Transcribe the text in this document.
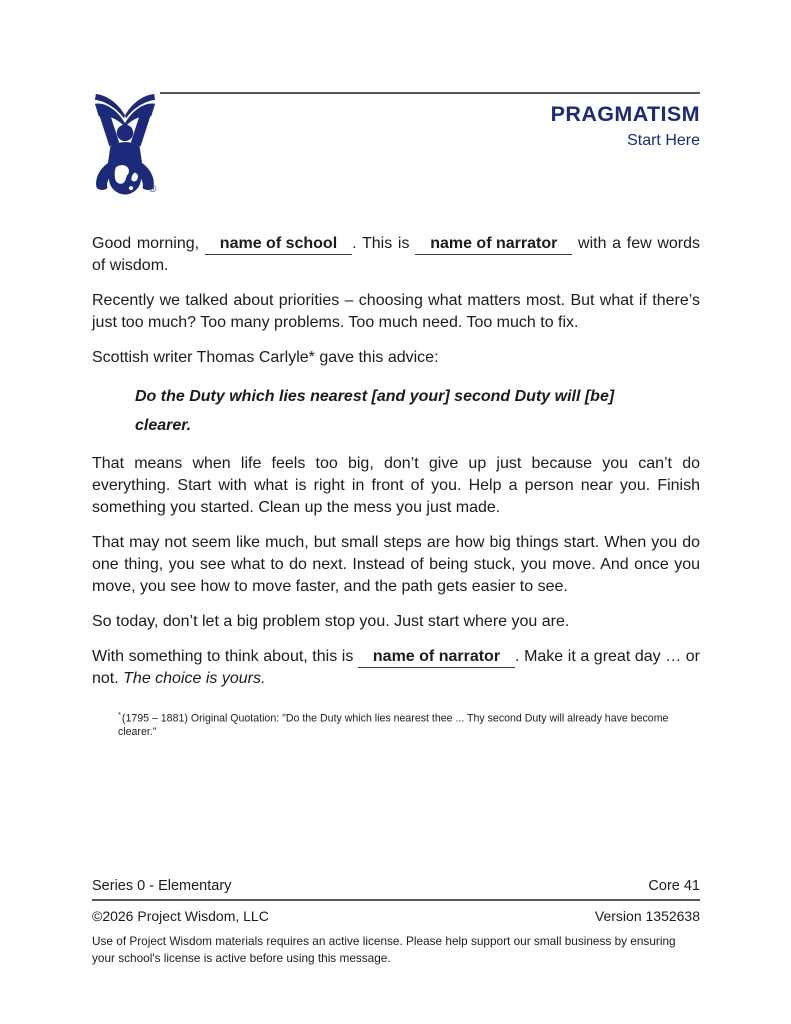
®
PRAGMATISM
Start Here

Good morning, name of school . This is name of narrator with a few words of wisdom.

Recently we talked about priorities – choosing what matters most. But what if there’s just too much? Too many problems. Too much need. Too much to fix.

Scottish writer Thomas Carlyle* gave this advice:

Do the Duty which lies nearest [and your] second Duty will [be] clearer.

That means when life feels too big, don’t give up just because you can’t do everything. Start with what is right in front of you. Help a person near you. Finish something you started. Clean up the mess you just made.

That may not seem like much, but small steps are how big things start. When you do one thing, you see what to do next. Instead of being stuck, you move. And once you move, you see how to move faster, and the path gets easier to see.

So today, don’t let a big problem stop you. Just start where you are.

With something to think about, this is name of narrator . Make it a great day … or not. The choice is yours.

*(1795 – 1881) Original Quotation: "Do the Duty which lies nearest thee ... Thy second Duty will already have become clearer."
Series 0 - Elementary	Core 41
©2026 Project Wisdom, LLC	Version 1352638
Use of Project Wisdom materials requires an active license. Please help support our small business by ensuring your school's license is active before using this message.
